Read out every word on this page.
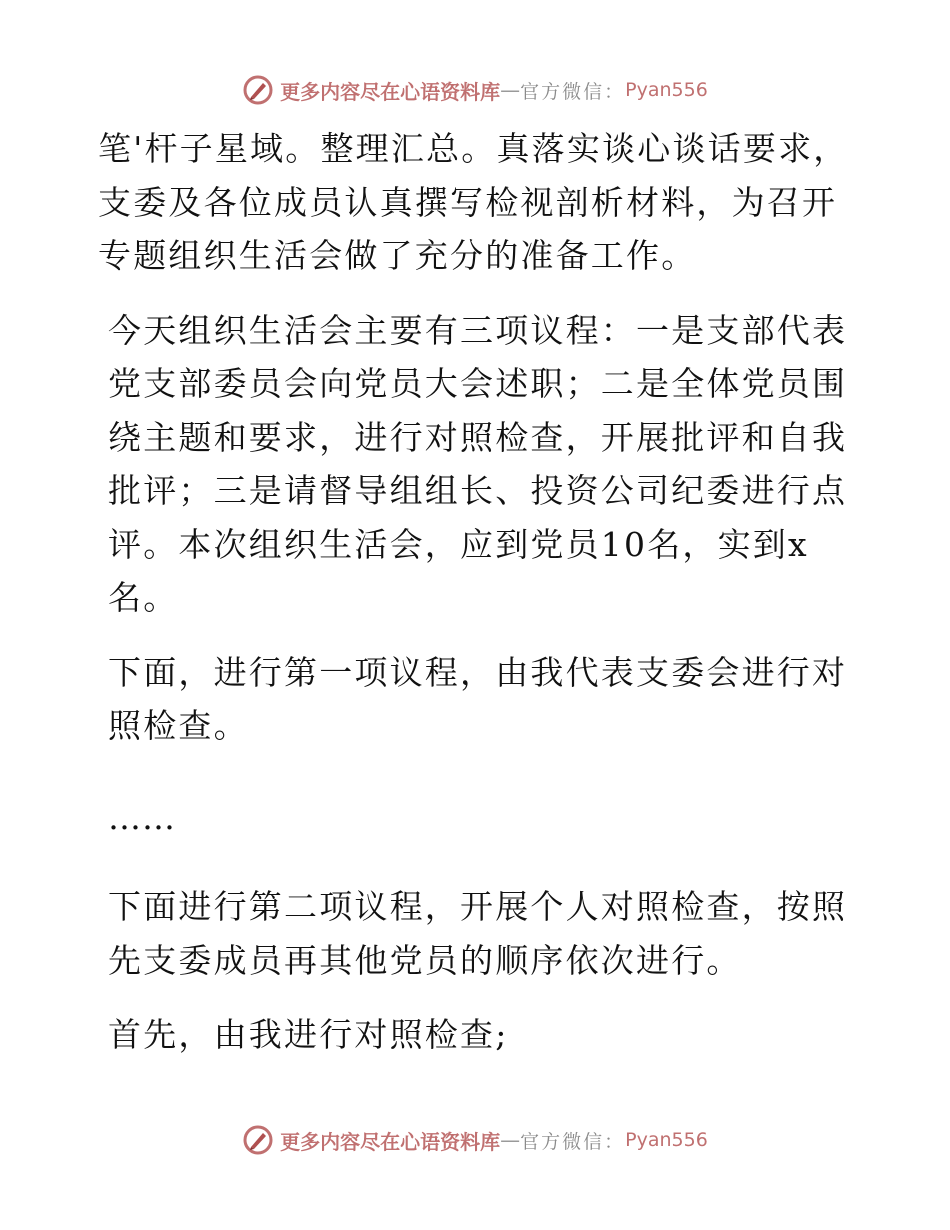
更多内容尽在心语资料库 — 官方微信： Pyan556

笔'杆子星域。整理汇总。真落实谈心谈话要求，支委及各位成员认真撰写检视剖析材料，为召开专题组织生活会做了充分的准备工作。

今天组织生活会主要有三项议程：一是支部代表党支部委员会向党员大会述职；二是全体党员围绕主题和要求，进行对照检查，开展批评和自我批评；三是请督导组组长、投资公司纪委进行点评。本次组织生活会，应到党员10名，实到x名。

下面，进行第一项议程，由我代表支委会进行对照检查。

……

下面进行第二项议程，开展个人对照检查，按照先支委成员再其他党员的顺序依次进行。

首先，由我进行对照检查;

更多内容尽在心语资料库 — 官方微信： Pyan556
